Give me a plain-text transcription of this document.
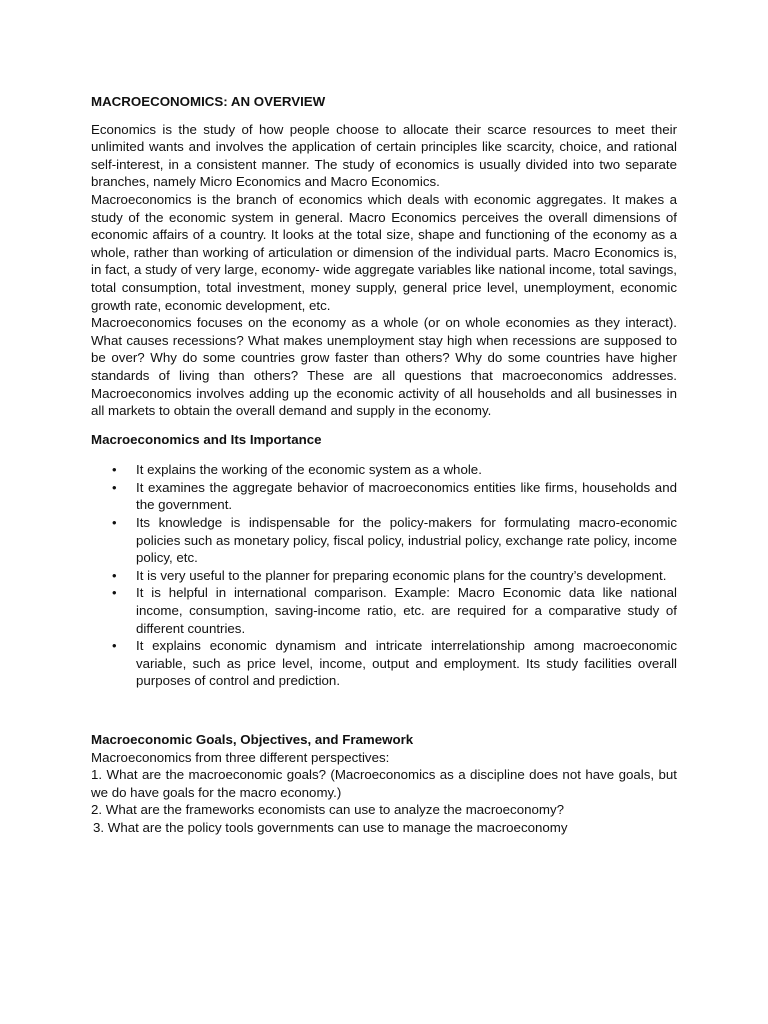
MACROECONOMICS: AN OVERVIEW

Economics is the study of how people choose to allocate their scarce resources to meet their unlimited wants and involves the application of certain principles like scarcity, choice, and rational self-interest, in a consistent manner. The study of economics is usually divided into two separate branches, namely Micro Economics and Macro Economics.

Macroeconomics is the branch of economics which deals with economic aggregates. It makes a study of the economic system in general. Macro Economics perceives the overall dimensions of economic affairs of a country. It looks at the total size, shape and functioning of the economy as a whole, rather than working of articulation or dimension of the individual parts. Macro Economics is, in fact, a study of very large, economy- wide aggregate variables like national income, total savings, total consumption, total investment, money supply, general price level, unemployment, economic growth rate, economic development, etc.

Macroeconomics focuses on the economy as a whole (or on whole economies as they interact). What causes recessions? What makes unemployment stay high when recessions are supposed to be over? Why do some countries grow faster than others? Why do some countries have higher standards of living than others? These are all questions that macroeconomics addresses. Macroeconomics involves adding up the economic activity of all households and all businesses in all markets to obtain the overall demand and supply in the economy.

Macroeconomics and Its Importance
• It explains the working of the economic system as a whole.
• It examines the aggregate behavior of macroeconomics entities like firms, households and the government.
• Its knowledge is indispensable for the policy-makers for formulating macro-economic policies such as monetary policy, fiscal policy, industrial policy, exchange rate policy, income policy, etc.
• It is very useful to the planner for preparing economic plans for the country’s development.
• It is helpful in international comparison. Example: Macro Economic data like national income, consumption, saving-income ratio, etc. are required for a comparative study of different countries.
• It explains economic dynamism and intricate interrelationship among macroeconomic variable, such as price level, income, output and employment. Its study facilities overall purposes of control and prediction.
Macroeconomic Goals, Objectives, and Framework

Macroeconomics from three different perspectives:

1. What are the macroeconomic goals? (Macroeconomics as a discipline does not have goals, but we do have goals for the macro economy.)

2. What are the frameworks economists can use to analyze the macroeconomy?

3. What are the policy tools governments can use to manage the macroeconomy
